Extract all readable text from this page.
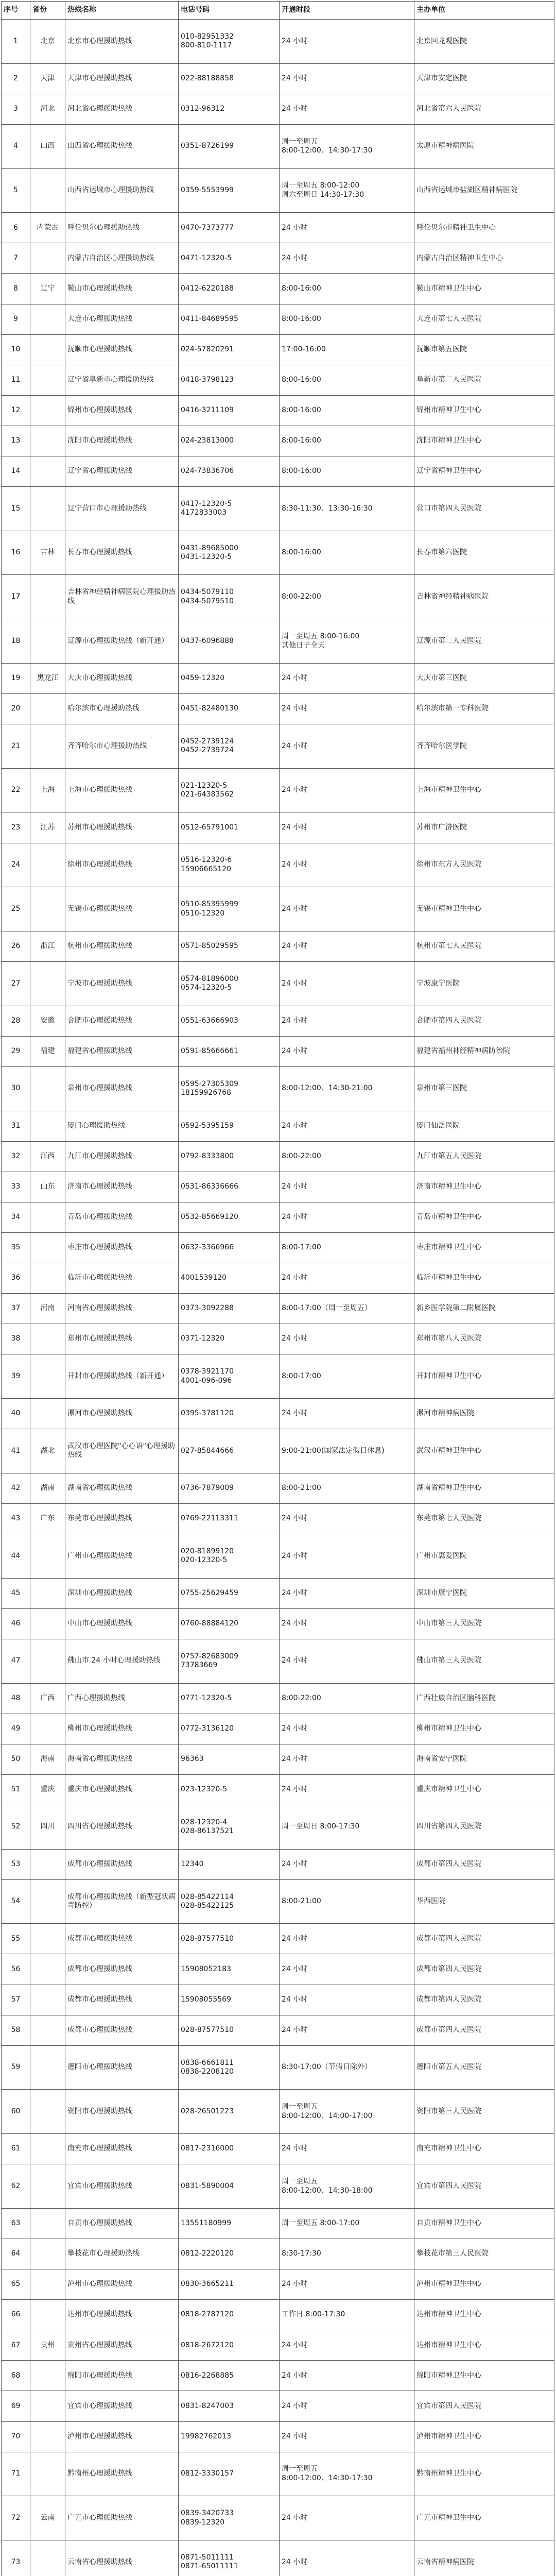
序号	省份	热线名称	电话号码	开通时段	主办单位

1	北京	北京市心理援助热线	010-82951332
800-810-1117	24 小时	北京回龙观医院

2	天津	天津市心理援助热线	022-88188858	24 小时	天津市安定医院

3	河北	河北省心理援助热线	0312-96312	24 小时	河北省第六人民医院

4	山西	山西省心理援助热线	0351-8726199	周一至周五
8:00-12:00、14:30-17:30	太原市精神病医院

5		山西省运城市心理援助热线	0359-5553999	周一至周五 8:00-12:00
周六至周日 14:30-17:30	山西省运城市盐湖区精神病医院

6	内蒙古	呼伦贝尔心理援助热线	0470-7373777	24 小时	呼伦贝尔市精神卫生中心

7		内蒙古自治区心理援助热线	0471-12320-5	24 小时	内蒙古自治区精神卫生中心

8	辽宁	鞍山市心理援助热线	0412-6220188	8:00-16:00	鞍山市精神卫生中心

9		大连市心理援助热线	0411-84689595	8:00-16:00	大连市第七人民医院

10		抚顺市心理援助热线	024-57820291	17:00-16:00	抚顺市第五医院

11		辽宁省阜新市心理援助热线	0418-3798123	8:00-16:00	阜新市第二人民医院

12		锦州市心理援助热线	0416-3211109	8:00-16:00	锦州市精神卫生中心

13		沈阳市心理援助热线	024-23813000	8:00-16:00	沈阳市精神卫生中心

14		辽宁省心理援助热线	024-73836706	8:00-16:00	辽宁省精神卫生中心

15		辽宁营口市心理援助热线	0417-12320-5
4172833003	8:30-11:30、13:30-16:30	营口市第四人民医院

16	吉林	长春市心理援助热线	0431-89685000
0431-12320-5	8:00-16:00	长春市第六医院

17		吉林省神经精神病医院心理援助热线	0434-5079110
0434-5079510	8:00-22:00	吉林省神经精神病医院

18		辽源市心理援助热线（新开通）	0437-6096888	周一至周五 8:00-16:00
其他日子全天	辽源市第二人民医院

19	黑龙江	大庆市心理援助热线	0459-12320	24 小时	大庆市第三医院

20		哈尔滨市心理援助热线	0451-82480130	24 小时	哈尔滨市第一专科医院

21		齐齐哈尔市心理援助热线	0452-2739124
0452-2739724	24 小时	齐齐哈尔医学院

22	上海	上海市心理援助热线	021-12320-5
021-64383562	24 小时	上海市精神卫生中心

23	江苏	苏州市心理援助热线	0512-65791001	24 小时	苏州市广济医院

24		徐州市心理援助热线	0516-12320-6
15906665120	24 小时	徐州市东方人民医院

25		无锡市心理援助热线	0510-85395999
0510-12320	24 小时	无锡市精神卫生中心

26	浙江	杭州市心理援助热线	0571-85029595	24 小时	杭州市第七人民医院

27		宁波市心理援助热线	0574-81896000
0574-12320-5	24 小时	宁波康宁医院

28	安徽	合肥市心理援助热线	0551-63666903	24 小时	合肥市第四人民医院

29	福建	福建省心理援助热线	0591-85666661	24 小时	福建省福州神经精神病防治院

30		泉州市心理援助热线	0595-27305309
18159926768	8:00-12:00、14:30-21:00	泉州市第三医院

31		厦门心理援助热线	0592-5395159	24 小时	厦门仙岳医院

32	江西	九江市心理援助热线	0792-8333800	8:00-22:00	九江市第五人民医院

33	山东	济南市心理援助热线	0531-86336666	24 小时	济南市精神卫生中心

34		青岛市心理援助热线	0532-85669120	24 小时	青岛市精神卫生中心

35		枣庄市心理援助热线	0632-3366966	8:00-17:00	枣庄市精神卫生中心

36		临沂市心理援助热线	4001539120	24 小时	临沂市精神卫生中心

37	河南	河南省心理援助热线	0373-3092288	8:00-17:00（周一至周五）	新乡医学院第二附属医院

38		郑州市心理援助热线	0371-12320	24 小时	郑州市第八人民医院

39		开封市心理援助热线（新开通）	0378-3921170
4001-096-096	8:00-17:00	开封市精神卫生中心

40		漯河市心理援助热线	0395-3781120	24 小时	漯河市精神病医院

41	湖北	武汉市心理医院"心心语"心理援助热线	027-85844666	9:00-21:00(国家法定假日休息)	武汉市精神卫生中心

42	湖南	湖南省心理援助热线	0736-7879009	8:00-21:00	湖南省精神卫生中心

43	广东	东莞市心理援助热线	0769-22113311	24 小时	东莞市第七人民医院

44		广州市心理援助热线	020-81899120
020-12320-5	24 小时	广州市惠爱医院

45		深圳市心理援助热线	0755-25629459	24 小时	深圳市康宁医院

46		中山市心理援助热线	0760-88884120	24 小时	中山市第三人民医院

47		佛山市 24 小时心理援助热线	0757-82683009
73783669	24 小时	佛山市第三人民医院

48	广西	广西心理援助热线	0771-12320-5	8:00-22:00	广西壮族自治区脑科医院

49		柳州市心理援助热线	0772-3136120	24 小时	柳州市精神卫生中心

50	海南	海南省心理援助热线	96363	24 小时	海南省安宁医院

51	重庆	重庆市心理援助热线	023-12320-5	24 小时	重庆市精神卫生中心

52	四川	四川省心理援助热线	028-12320-4
028-86137521	周一至周日 8:00-17:30	四川省第四人民医院

53		成都市心理援助热线	12340	24 小时	成都市第四人民医院

54		成都市心理援助热线（新型冠状病毒防控）	028-85422114
028-85422125	8:00-21:00	华西医院

55		成都市心理援助热线	028-87577510	24 小时	成都市第四人民医院

56		成都市心理援助热线	15908052183	24 小时	成都市第四人民医院

57		成都市心理援助热线	15908055569	24 小时	成都市第四人民医院

58		成都市心理援助热线	028-87577510	24 小时	成都市第四人民医院

59		德阳市心理援助热线	0838-6661811
0838-2208120	8:30-17:00（节假日除外）	德阳市第五人民医院

60		资阳市心理援助热线	028-26501223	周一至周五
8:00-12:00、14:00-17:00	资阳市第三人民医院

61		南充市心理援助热线	0817-2316000	24 小时	南充市精神卫生中心

62		宜宾市心理援助热线	0831-5890004	周一至周五
8:00-12:00、14:30-18:00	宜宾市第四人民医院

63		自贡市心理援助热线	13551180999	周一至周五 8:00-17:00	自贡市精神卫生中心

64		攀枝花市心理援助热线	0812-2220120	8:30-17:30	攀枝花市第三人民医院

65		泸州市心理援助热线	0830-3665211	24 小时	泸州市精神卫生中心

66		达州市心理援助热线	0818-2787120	工作日 8:00-17:30	达州市精神卫生中心

67	贵州	贵州省心理援助热线	0818-2672120	24 小时	达州市精神卫生中心

68		绵阳市心理援助热线	0816-2268885	24 小时	绵阳市精神卫生中心

69		宜宾市心理援助热线	0831-8247003	24 小时	宜宾市第四人民医院

70		泸州市心理援助热线	19982762013	24 小时	泸州市精神卫生中心

71		黔南州心理援助热线	0812-3330157	周一至周五
8:00-12:00、14:30-17:30	黔南州精神卫生中心

72	云南	广元市心理援助热线	0839-3420733
0839-12320	24 小时	广元市精神卫生中心

73		云南省心理援助热线	0871-5011111
0871-65011111	24 小时	云南省精神病医院
